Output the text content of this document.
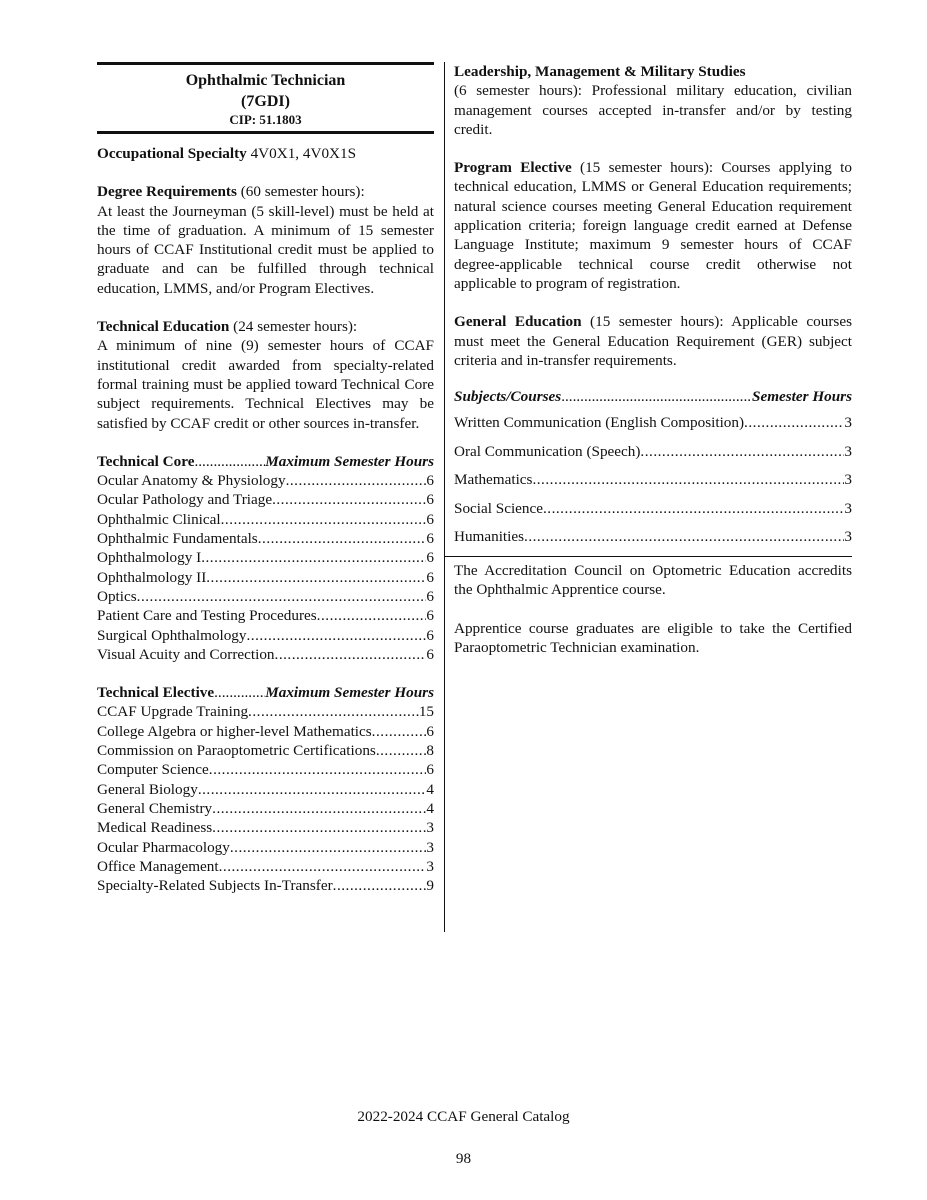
Ophthalmic Technician
(7GDI)
CIP: 51.1803

Occupational Specialty 4V0X1, 4V0X1S

Degree Requirements (60 semester hours):

At least the Journeyman (5 skill-level) must be held at the time of graduation. A minimum of 15 semester hours of CCAF Institutional credit must be applied to graduate and can be fulfilled through technical education, LMMS, and/or Program Electives.

Technical Education (24 semester hours):

A minimum of nine (9) semester hours of CCAF institutional credit awarded from specialty-related formal training must be applied toward Technical Core subject requirements. Technical Electives may be satisfied by CCAF credit or other sources in-transfer.

Technical Core .....	Maximum Semester Hours
Ocular Anatomy & Physiology .....	6
Ocular Pathology and Triage .....	6
Ophthalmic Clinical .....	6
Ophthalmic Fundamentals .....	6
Ophthalmology I .....	6
Ophthalmology II .....	6
Optics .....	6
Patient Care and Testing Procedures .....	6
Surgical Ophthalmology .....	6
Visual Acuity and Correction .....	6
Technical Elective .....	Maximum Semester Hours
CCAF Upgrade Training .....	15
College Algebra or higher-level Mathematics .....	6
Commission on Paraoptometric Certifications .....	8
Computer Science .....	6
General Biology .....	4
General Chemistry .....	4
Medical Readiness .....	3
Ocular Pharmacology .....	3
Office Management .....	3
Specialty-Related Subjects In-Transfer .....	9

Leadership, Management & Military Studies

(6 semester hours): Professional military education, civilian management courses accepted in-transfer and/or by testing credit.

Program Elective (15 semester hours): Courses applying to technical education, LMMS or General Education requirements; natural science courses meeting General Education requirement application criteria; foreign language credit earned at Defense Language Institute; maximum 9 semester hours of CCAF degree-applicable technical course credit otherwise not applicable to program of registration.

General Education (15 semester hours): Applicable courses must meet the General Education Requirement (GER) subject criteria and in-transfer requirements.

Subjects/Courses .....	Semester Hours
Written Communication (English Composition) .....	3
Oral Communication (Speech) .....	3
Mathematics .....	3
Social Science .....	3
Humanities .....	3

The Accreditation Council on Optometric Education accredits the Ophthalmic Apprentice course.

Apprentice course graduates are eligible to take the Certified Paraoptometric Technician examination.

2022-2024 CCAF General Catalog
98
